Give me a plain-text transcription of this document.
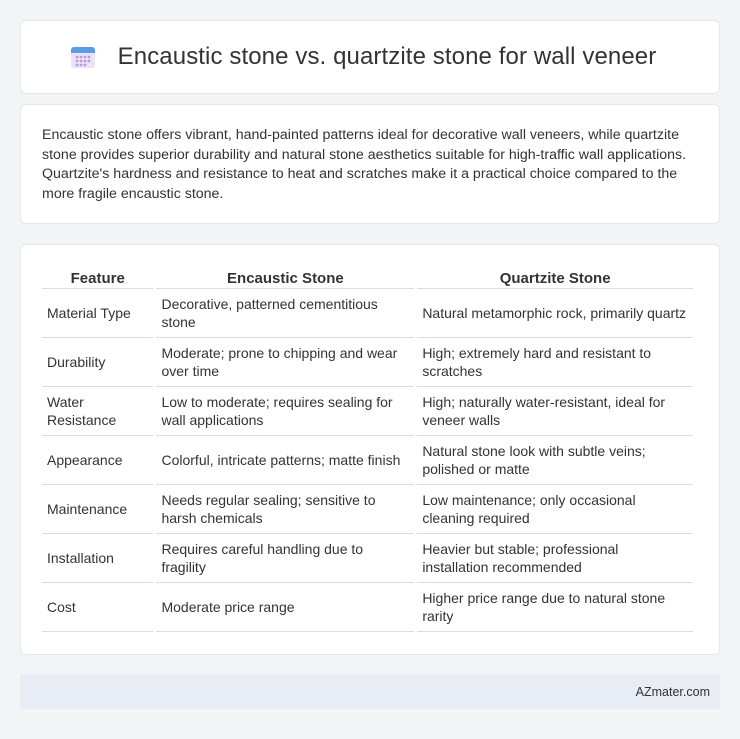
Encaustic stone vs. quartzite stone for wall veneer

Encaustic stone offers vibrant, hand-painted patterns ideal for decorative wall veneers, while quartzite stone provides superior durability and natural stone aesthetics suitable for high-traffic wall applications. Quartzite's hardness and resistance to heat and scratches make it a practical choice compared to the more fragile encaustic stone.

Feature	Encaustic Stone	Quartzite Stone
Material Type	Decorative, patterned cementitious stone	Natural metamorphic rock, primarily quartz
Durability	Moderate; prone to chipping and wear over time	High; extremely hard and resistant to scratches
Water Resistance	Low to moderate; requires sealing for wall applications	High; naturally water-resistant, ideal for veneer walls
Appearance	Colorful, intricate patterns; matte finish	Natural stone look with subtle veins; polished or matte
Maintenance	Needs regular sealing; sensitive to harsh chemicals	Low maintenance; only occasional cleaning required
Installation	Requires careful handling due to fragility	Heavier but stable; professional installation recommended
Cost	Moderate price range	Higher price range due to natural stone rarity
AZmater.com
